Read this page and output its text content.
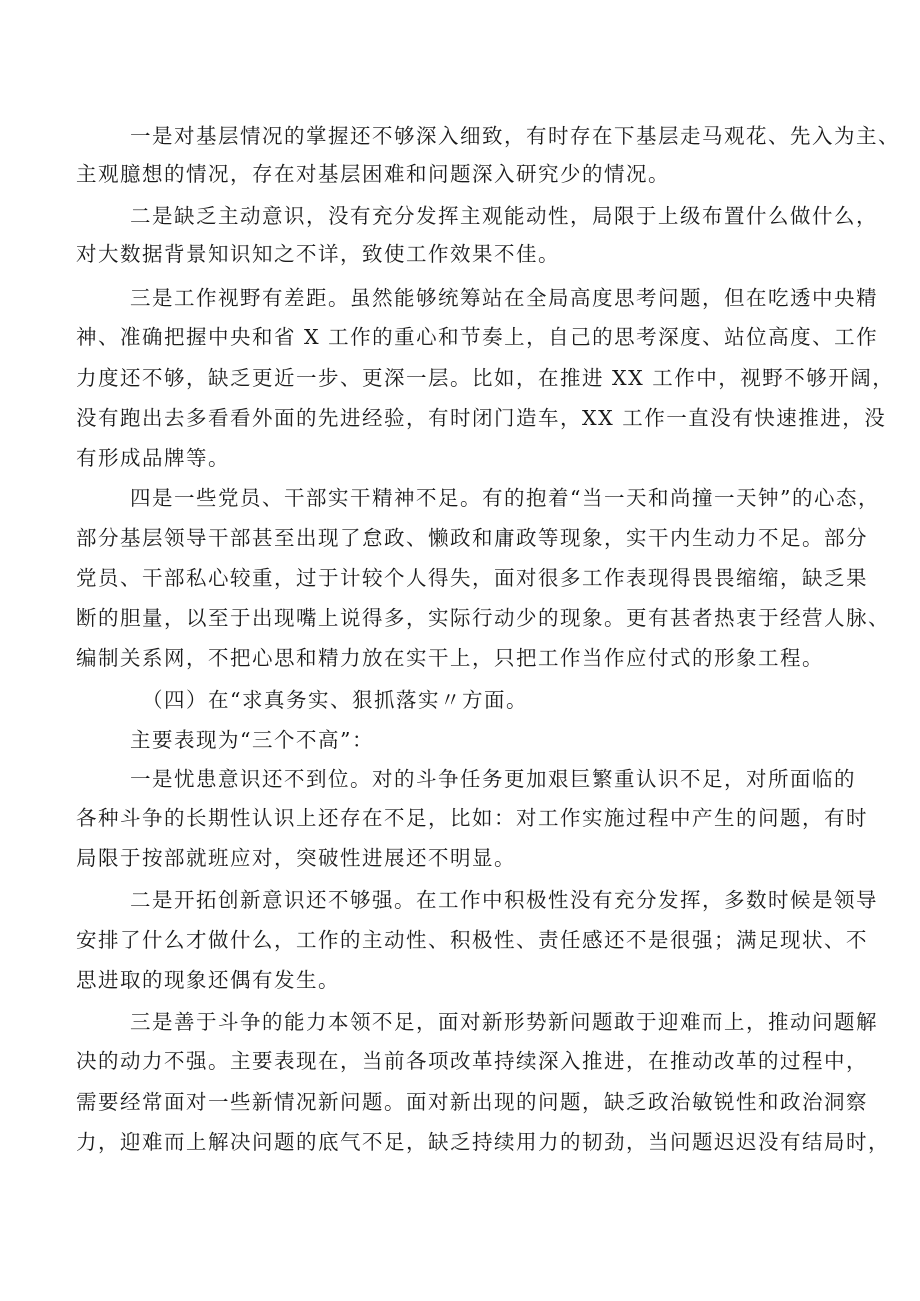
一是对基层情况的掌握还不够深入细致，有时存在下基层走马观花、先入为主、
主观臆想的情况，存在对基层困难和问题深入研究少的情况。
二是缺乏主动意识，没有充分发挥主观能动性，局限于上级布置什么做什么，
对大数据背景知识知之不详，致使工作效果不佳。
三是工作视野有差距。虽然能够统筹站在全局高度思考问题，但在吃透中央精
神、准确把握中央和省 X 工作的重心和节奏上，自己的思考深度、站位高度、工作
力度还不够，缺乏更近一步、更深一层。比如，在推进 XX 工作中，视野不够开阔，
没有跑出去多看看外面的先进经验，有时闭门造车，XX 工作一直没有快速推进，没
有形成品牌等。
四是一些党员、干部实干精神不足。有的抱着“当一天和尚撞一天钟”的心态，
部分基层领导干部甚至出现了怠政、懒政和庸政等现象，实干内生动力不足。部分
党员、干部私心较重，过于计较个人得失，面对很多工作表现得畏畏缩缩，缺乏果
断的胆量，以至于出现嘴上说得多，实际行动少的现象。更有甚者热衷于经营人脉、
编制关系网，不把心思和精力放在实干上，只把工作当作应付式的形象工程。
（四）在“求真务实、狠抓落实〃方面。
主要表现为“三个不高”：
一是忧患意识还不到位。对的斗争任务更加艰巨繁重认识不足，对所面临的
各种斗争的长期性认识上还存在不足，比如：对工作实施过程中产生的问题，有时
局限于按部就班应对，突破性进展还不明显。
二是开拓创新意识还不够强。在工作中积极性没有充分发挥，多数时候是领导
安排了什么才做什么，工作的主动性、积极性、责任感还不是很强；满足现状、不
思进取的现象还偶有发生。
三是善于斗争的能力本领不足，面对新形势新问题敢于迎难而上，推动问题解
决的动力不强。主要表现在，当前各项改革持续深入推进，在推动改革的过程中，
需要经常面对一些新情况新问题。面对新出现的问题，缺乏政治敏锐性和政治洞察
力，迎难而上解决问题的底气不足，缺乏持续用力的韧劲，当问题迟迟没有结局时，
